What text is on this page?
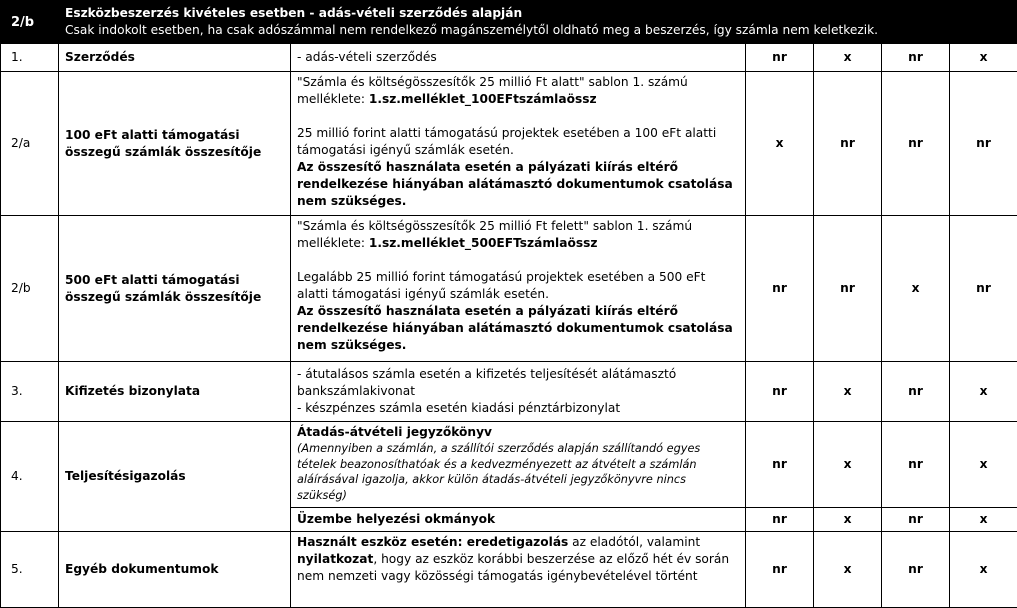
2/b	Eszközbeszerzés kivételes esetben - adás-vételi szerződés alapján
Csak indokolt esetben, ha csak adószámmal nem rendelkező magánszemélytől oldható meg a beszerzés, így számla nem keletkezik.					

1.	Szerződés	- adás-vételi szerződés	nr	x	nr	x
2/a	100 eFt alatti támogatási
összegű számlák összesítője	"Számla és költségösszesítők 25 millió Ft alatt" sablon 1. számú melléklete: 1.sz.melléklet_100EFtszámlaössz
25 millió forint alatti támogatású projektek esetében a 100 eFt alatti támogatási igényű számlák esetén.
Az összesítő használata esetén a pályázati kiírás eltérő rendelkezése hiányában alátámasztó dokumentumok csatolása nem szükséges.	x	nr	nr	nr
2/b	500 eFt alatti támogatási
összegű számlák összesítője	"Számla és költségösszesítők 25 millió Ft felett" sablon 1. számú melléklete: 1.sz.melléklet_500EFTszámlaössz
Legalább 25 millió forint támogatású projektek esetében a 500 eFt alatti támogatási igényű számlák esetén.
Az összesítő használata esetén a pályázati kiírás eltérő rendelkezése hiányában alátámasztó dokumentumok csatolása nem szükséges.	nr	nr	x	nr
3.	Kifizetés bizonylata	- átutalásos számla esetén a kifizetés teljesítését alátámasztó bankszámlakivonat
- készpénzes számla esetén kiadási pénztárbizonylat	nr	x	nr	x
4.	Teljesítésigazolás	Átadás-átvételi jegyzőkönyv
(Amennyiben a számlán, a szállítói szerződés alapján szállítandó egyes tételek beazonosíthatóak és a kedvezményezett az átvételt a számlán aláírásával igazolja, akkor külön átadás-átvételi jegyzőkönyvre nincs szükség)	nr	x	nr	x
		Üzembe helyezési okmányok	nr	x	nr	x
5.	Egyéb dokumentumok	Használt eszköz esetén: eredetigazolás az eladótól, valamint nyilatkozat, hogy az eszköz korábbi beszerzése az előző hét év során nem nemzeti vagy közösségi támogatás igénybevételével történt	nr	x	nr	x
